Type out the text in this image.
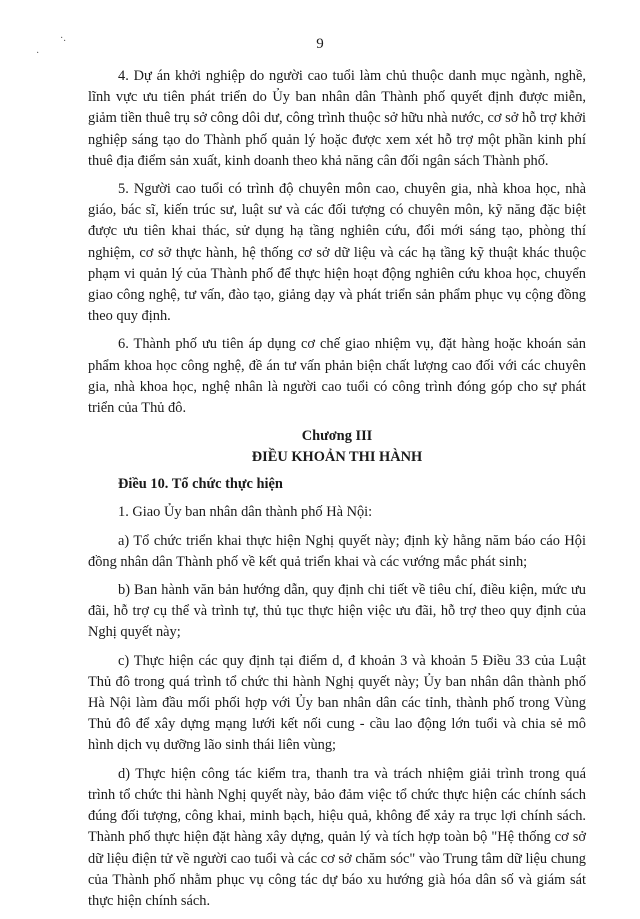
9
·.
·

4. Dự án khởi nghiệp do người cao tuổi làm chủ thuộc danh mục ngành, nghề, lĩnh vực ưu tiên phát triển do Ủy ban nhân dân Thành phố quyết định được miễn, giảm tiền thuê trụ sở công dôi dư, công trình thuộc sở hữu nhà nước, cơ sở hỗ trợ khởi nghiệp sáng tạo do Thành phố quản lý hoặc được xem xét hỗ trợ một phần kinh phí thuê địa điểm sản xuất, kinh doanh theo khả năng cân đối ngân sách Thành phố.

5. Người cao tuổi có trình độ chuyên môn cao, chuyên gia, nhà khoa học, nhà giáo, bác sĩ, kiến trúc sư, luật sư và các đối tượng có chuyên môn, kỹ năng đặc biệt được ưu tiên khai thác, sử dụng hạ tầng nghiên cứu, đổi mới sáng tạo, phòng thí nghiệm, cơ sở thực hành, hệ thống cơ sở dữ liệu và các hạ tầng kỹ thuật khác thuộc phạm vi quản lý của Thành phố để thực hiện hoạt động nghiên cứu khoa học, chuyển giao công nghệ, tư vấn, đào tạo, giảng dạy và phát triển sản phẩm phục vụ cộng đồng theo quy định.

6. Thành phố ưu tiên áp dụng cơ chế giao nhiệm vụ, đặt hàng hoặc khoán sản phẩm khoa học công nghệ, đề án tư vấn phản biện chất lượng cao đối với các chuyên gia, nhà khoa học, nghệ nhân là người cao tuổi có công trình đóng góp cho sự phát triển của Thủ đô.

Chương III

ĐIỀU KHOẢN THI HÀNH

Điều 10. Tổ chức thực hiện

1. Giao Ủy ban nhân dân thành phố Hà Nội:

a) Tổ chức triển khai thực hiện Nghị quyết này; định kỳ hằng năm báo cáo Hội đồng nhân dân Thành phố về kết quả triển khai và các vướng mắc phát sinh;

b) Ban hành văn bản hướng dẫn, quy định chi tiết về tiêu chí, điều kiện, mức ưu đãi, hỗ trợ cụ thể và trình tự, thủ tục thực hiện việc ưu đãi, hỗ trợ theo quy định của Nghị quyết này;

c) Thực hiện các quy định tại điểm d, đ khoản 3 và khoản 5 Điều 33 của Luật Thủ đô trong quá trình tổ chức thi hành Nghị quyết này; Ủy ban nhân dân thành phố Hà Nội làm đầu mối phối hợp với Ủy ban nhân dân các tỉnh, thành phố trong Vùng Thủ đô để xây dựng mạng lưới kết nối cung - cầu lao động lớn tuổi và chia sẻ mô hình dịch vụ dưỡng lão sinh thái liên vùng;

d) Thực hiện công tác kiểm tra, thanh tra và trách nhiệm giải trình trong quá trình tổ chức thi hành Nghị quyết này, bảo đảm việc tổ chức thực hiện các chính sách đúng đối tượng, công khai, minh bạch, hiệu quả, không để xảy ra trục lợi chính sách. Thành phố thực hiện đặt hàng xây dựng, quản lý và tích hợp toàn bộ "Hệ thống cơ sở dữ liệu điện tử về người cao tuổi và các cơ sở chăm sóc" vào Trung tâm dữ liệu chung của Thành phố nhằm phục vụ công tác dự báo xu hướng già hóa dân số và giám sát thực hiện chính sách.
